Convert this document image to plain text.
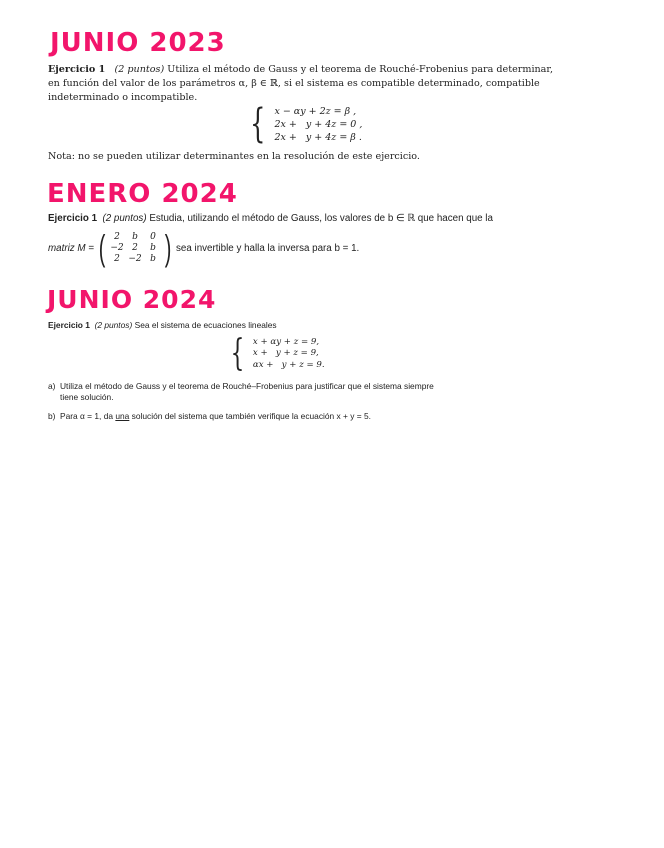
JUNIO 2023
ENERO 2024
JUNIO 2024

Ejercicio 1 (2 puntos) Utiliza el método de Gauss y el teorema de Rouché-Frobenius para determinar,

en función del valor de los parámetros α, β ∈ ℝ, si el sistema es compatible determinado, compatible

indeterminado o incompatible.

{ x − αy + 2z = β ,
2x +   y + 4z = 0 ,
2x +   y + 4z = β .

Nota: no se pueden utilizar determinantes en la resolución de este ejercicio.

Ejercicio 1 (2 puntos) Estudia, utilizando el método de Gauss, los valores de b ∈ ℝ que hacen que la

matriz M = ( 2	b	0
−2 2	b
2 −2 b ) sea invertible y halla la inversa para b = 1.

Ejercicio 1 (2 puntos) Sea el sistema de ecuaciones lineales

{ x + αy + z = 9,
x +   y + z = 9,
αx +   y + z = 9.
a) Utiliza el método de Gauss y el teorema de Rouché–Frobenius para justificar que el sistema siempre
tiene solución.
b) Para α = 1, da una solución del sistema que también verifique la ecuación x + y = 5.
